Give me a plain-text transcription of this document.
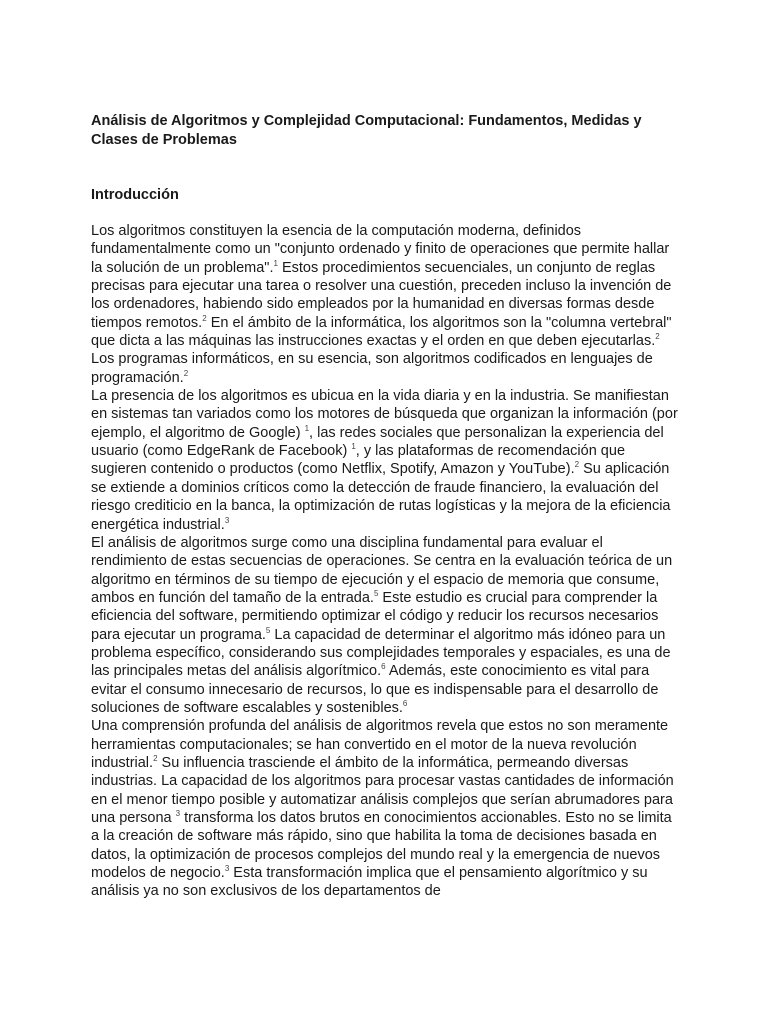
Análisis de Algoritmos y Complejidad Computacional: Fundamentos, Medidas y Clases de Problemas
Introducción

Los algoritmos constituyen la esencia de la computación moderna, definidos fundamentalmente como un "conjunto ordenado y finito de operaciones que permite hallar la solución de un problema".$^1$ Estos procedimientos secuenciales, un conjunto de reglas precisas para ejecutar una tarea o resolver una cuestión, preceden incluso la invención de los ordenadores, habiendo sido empleados por la humanidad en diversas formas desde tiempos remotos.$^2$ En el ámbito de la informática, los algoritmos son la "columna vertebral" que dicta a las máquinas las instrucciones exactas y el orden en que deben ejecutarlas.$^2$ Los programas informáticos, en su esencia, son algoritmos codificados en lenguajes de programación.$^2$

La presencia de los algoritmos es ubicua en la vida diaria y en la industria. Se manifiestan en sistemas tan variados como los motores de búsqueda que organizan la información (por ejemplo, el algoritmo de Google) $^1$, las redes sociales que personalizan la experiencia del usuario (como EdgeRank de Facebook) $^1$, y las plataformas de recomendación que sugieren contenido o productos (como Netflix, Spotify, Amazon y YouTube).$^2$ Su aplicación se extiende a dominios críticos como la detección de fraude financiero, la evaluación del riesgo crediticio en la banca, la optimización de rutas logísticas y la mejora de la eficiencia energética industrial.$^3$

El análisis de algoritmos surge como una disciplina fundamental para evaluar el rendimiento de estas secuencias de operaciones. Se centra en la evaluación teórica de un algoritmo en términos de su tiempo de ejecución y el espacio de memoria que consume, ambos en función del tamaño de la entrada.$^5$ Este estudio es crucial para comprender la eficiencia del software, permitiendo optimizar el código y reducir los recursos necesarios para ejecutar un programa.$^5$ La capacidad de determinar el algoritmo más idóneo para un problema específico, considerando sus complejidades temporales y espaciales, es una de las principales metas del análisis algorítmico.$^6$ Además, este conocimiento es vital para evitar el consumo innecesario de recursos, lo que es indispensable para el desarrollo de soluciones de software escalables y sostenibles.$^6$

Una comprensión profunda del análisis de algoritmos revela que estos no son meramente herramientas computacionales; se han convertido en el motor de la nueva revolución industrial.$^2$ Su influencia trasciende el ámbito de la informática, permeando diversas industrias. La capacidad de los algoritmos para procesar vastas cantidades de información en el menor tiempo posible y automatizar análisis complejos que serían abrumadores para una persona $^3$ transforma los datos brutos en conocimientos accionables. Esto no se limita a la creación de software más rápido, sino que habilita la toma de decisiones basada en datos, la optimización de procesos complejos del mundo real y la emergencia de nuevos modelos de negocio.$^3$ Esta transformación implica que el pensamiento algorítmico y su análisis ya no son exclusivos de los departamentos de
